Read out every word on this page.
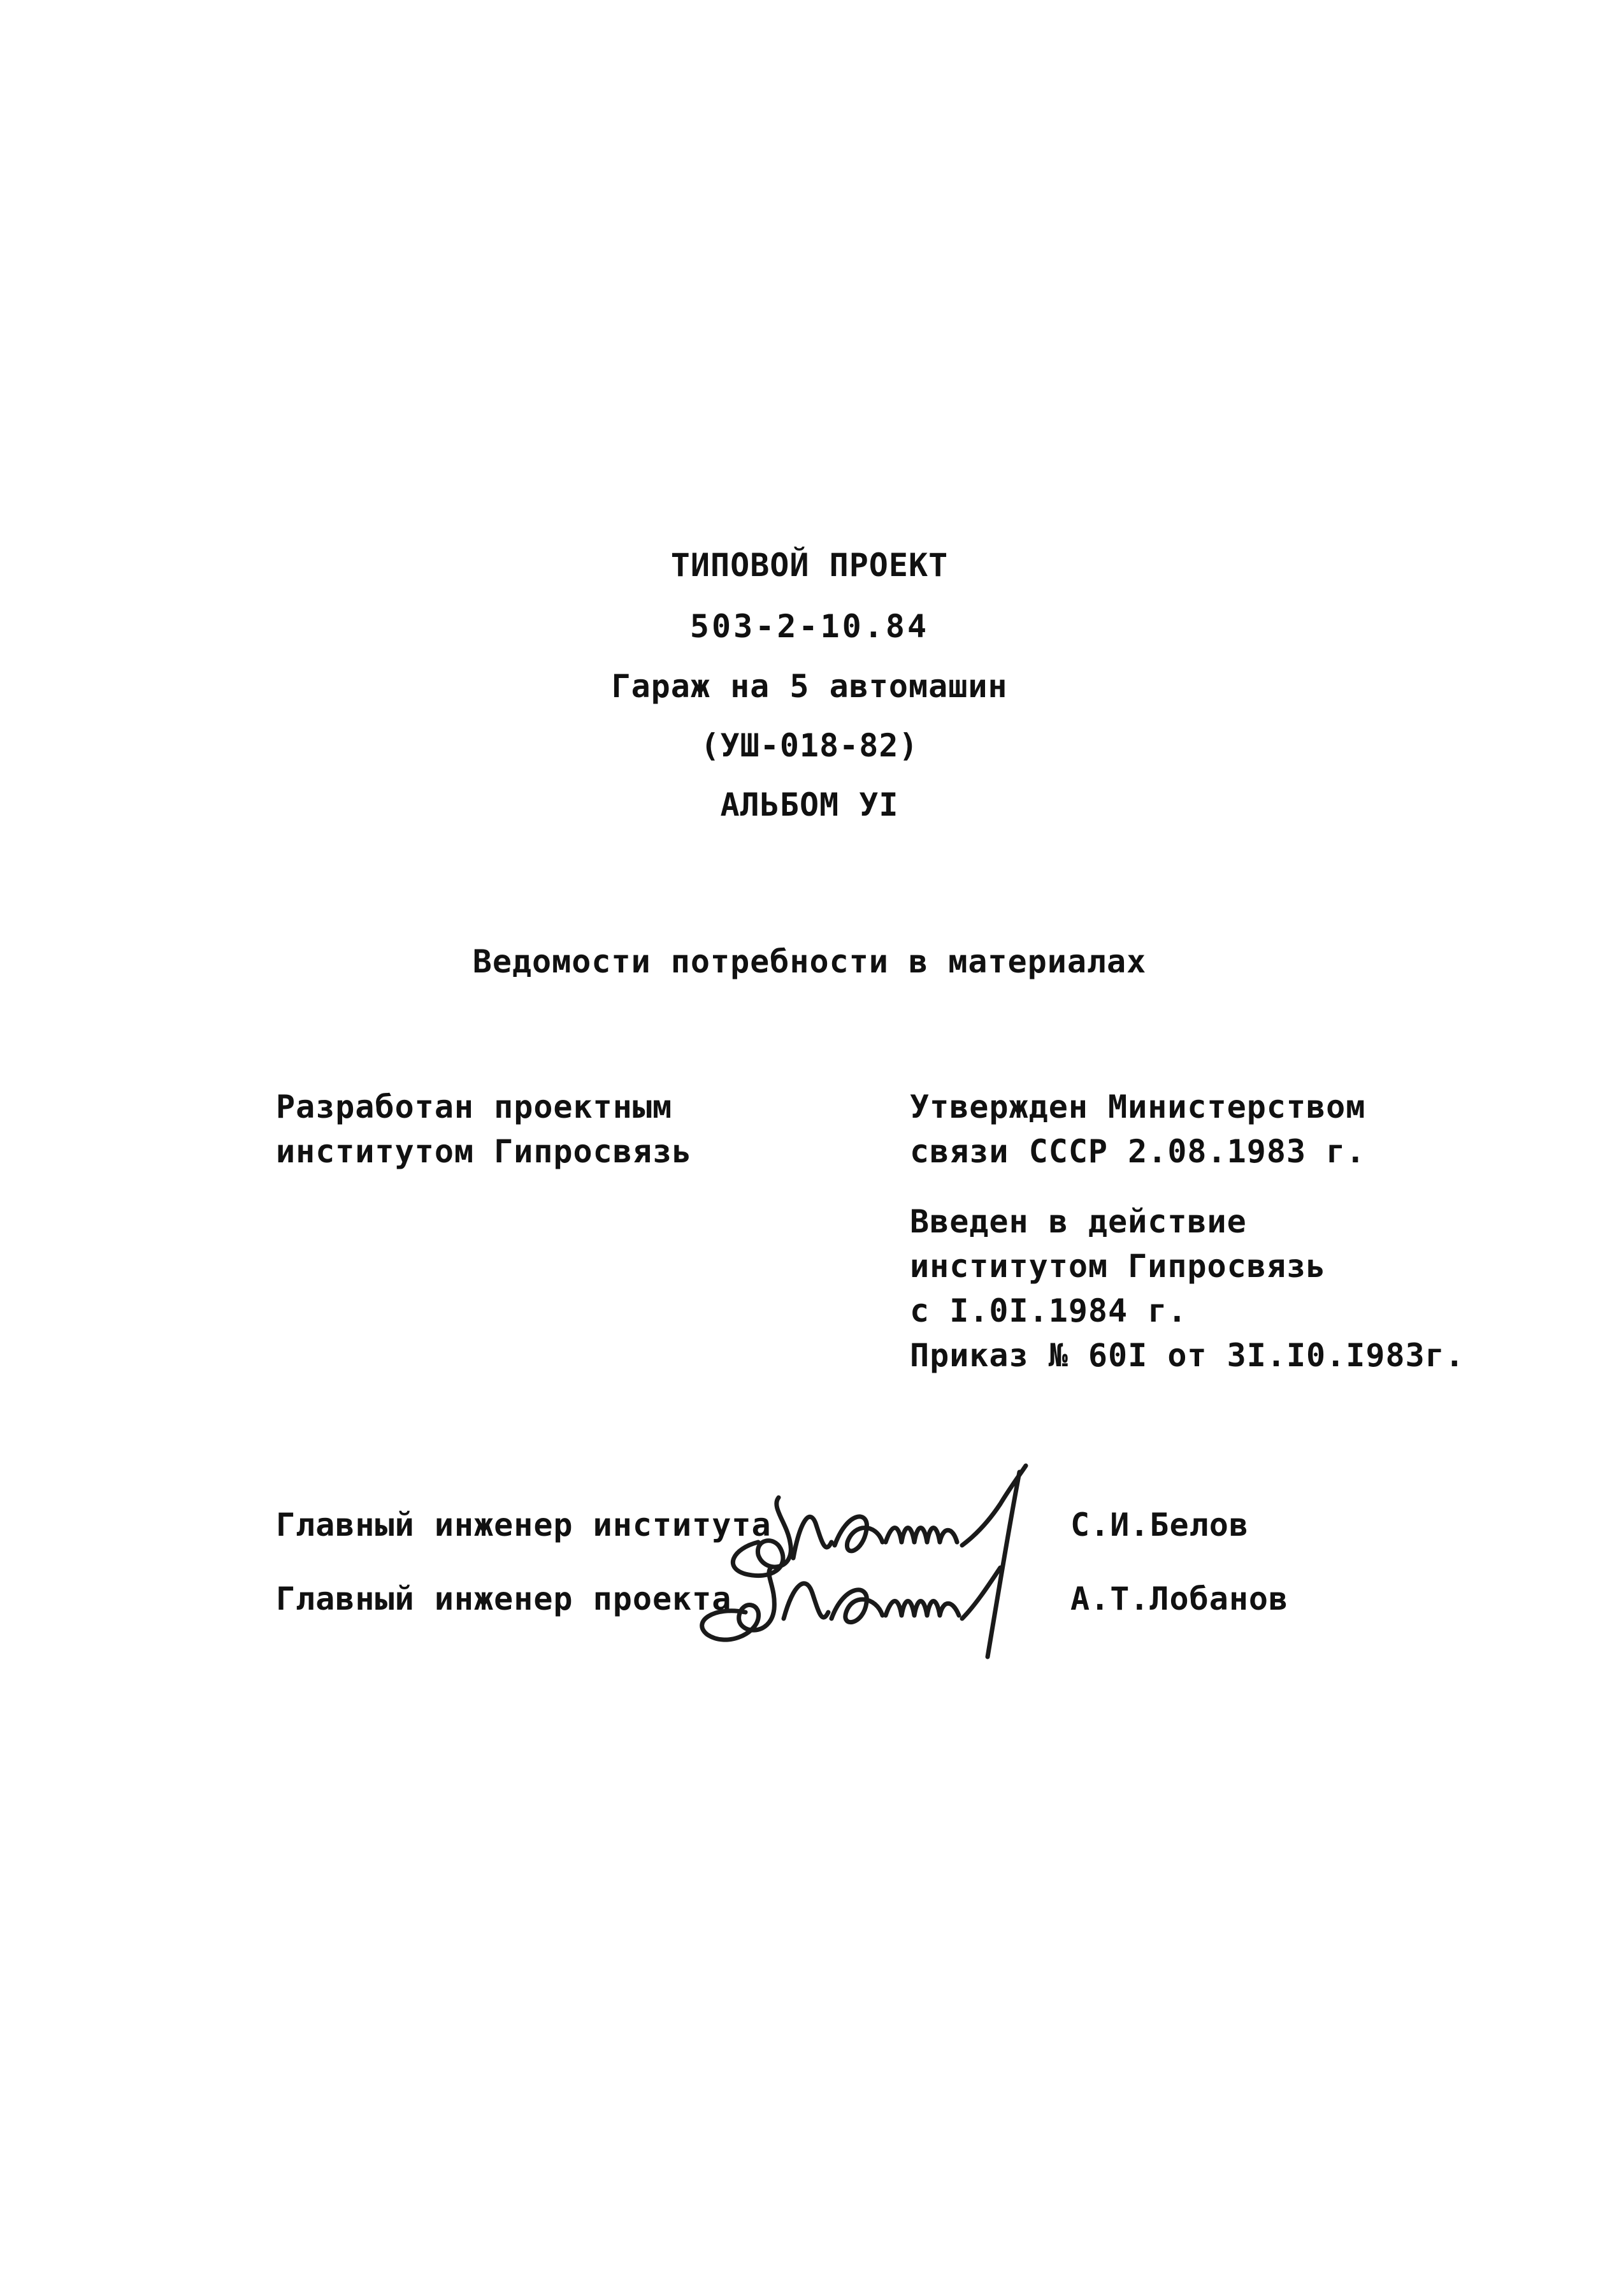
ТИПОВОЙ ПРОЕКТ

503-2-10.84

Гараж на 5 автомашин

(УШ-018-82)

АЛЬБОМ УI

Ведомости потребности в материалах

Разработан проектным

институтом Гипросвязь

Утвержден Министерством

связи СССР 2.08.1983 г.

Введен в действие

институтом Гипросвязь

с I.0I.1984 г.

Приказ № 60I от 3I.I0.I983г.

Главный инженер института	С.И.Белов

Главный инженер проекта	А.Т.Лобанов
